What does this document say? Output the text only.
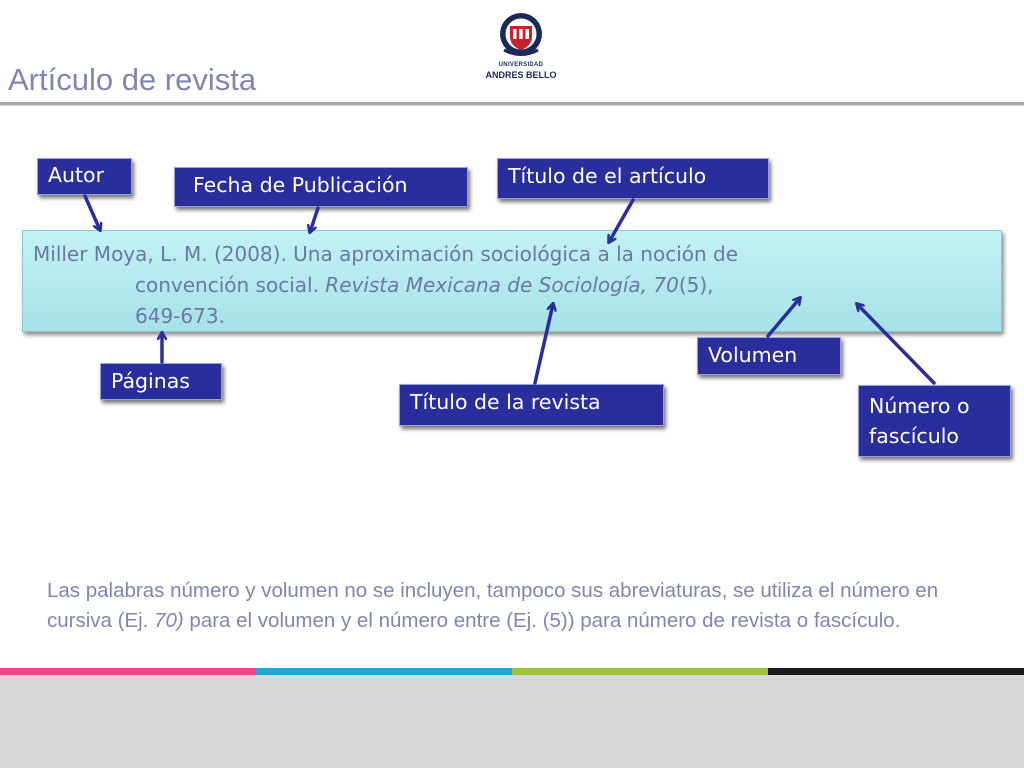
Artículo de revista	UNIVERSIDAD
ANDRES BELLO
Miller Moya, L. M. (2008). Una aproximación sociológica a la noción de
convención social. Revista Mexicana de Sociología, 70(5),
649-673.
Autor	Fecha de Publicación	Título de el artículo
Páginas
Título de la revista
Volumen
Número o
fascículo
Las palabras número y volumen no se incluyen, tampoco sus abreviaturas, se utiliza el número en cursiva (Ej. 70) para el volumen y el número entre (Ej. (5)) para número de revista o fascículo.
